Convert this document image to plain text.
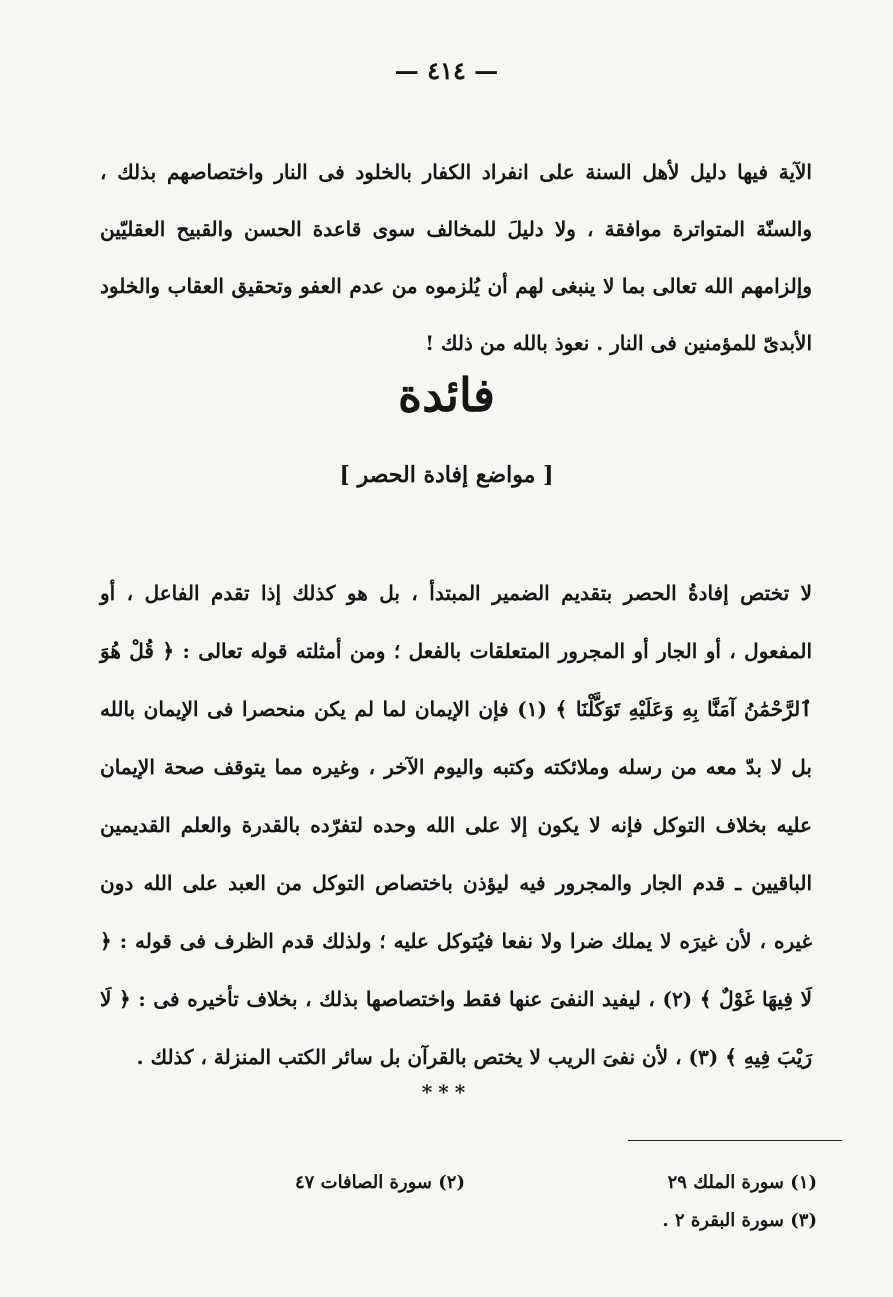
— ٤١٤ —

الآية فيها دليل لأهل السنة على انفراد الكفار بالخلود فى النار واختصاصهم بذلك ، والسنّة المتواترة موافقة ، ولا دليلَ للمخالف سوى قاعدة الحسن والقبيح العقليّين وإلزامهم الله تعالى بما لا ينبغى لهم أن يُلزموه من عدم العفو وتحقيق العقاب والخلود الأبدىّ للمؤمنين فى النار . نعوذ بالله من ذلك !

فائدة
[ مواضع إفادة الحصر ]

لا تختص إفادةُ الحصر بتقديم الضمير المبتدأ ، بل هو كذلك إذا تقدم الفاعل ، أو المفعول ، أو الجار أو المجرور المتعلقات بالفعل ؛ ومن أمثلته قوله تعالى : ﴿ قُلْ هُوَ ٱلرَّحْمَٰنُ آمَنَّا بِهِ وَعَلَيْهِ تَوَكَّلْنَا ﴾ (١) فإن الإيمان لما لم يكن منحصرا فى الإيمان بالله بل لا بدّ معه من رسله وملائكته وكتبه واليوم الآخر ، وغيره مما يتوقف صحة الإيمان عليه بخلاف التوكل فإنه لا يكون إلا على الله وحده لتفرّده بالقدرة والعلم القديمين الباقيين ـ قدم الجار والمجرور فيه ليؤذن باختصاص التوكل من العبد على الله دون غيره ، لأن غيرَه لا يملك ضرا ولا نفعا فيُتوكل عليه ؛ ولذلك قدم الظرف فى قوله : ﴿ لَا فِيهَا غَوْلٌ ﴾ (٢) ، ليفيد النفىَ عنها فقط واختصاصها بذلك ، بخلاف تأخيره فى : ﴿ لَا رَيْبَ فِيهِ ﴾ (٣) ، لأن نفىَ الريب لا يختص بالقرآن بل سائر الكتب المنزلة ، كذلك .

***
(١) سورة الملك ٢٩
(٢) سورة الصافات ٤٧
(٣) سورة البقرة ٢ .
